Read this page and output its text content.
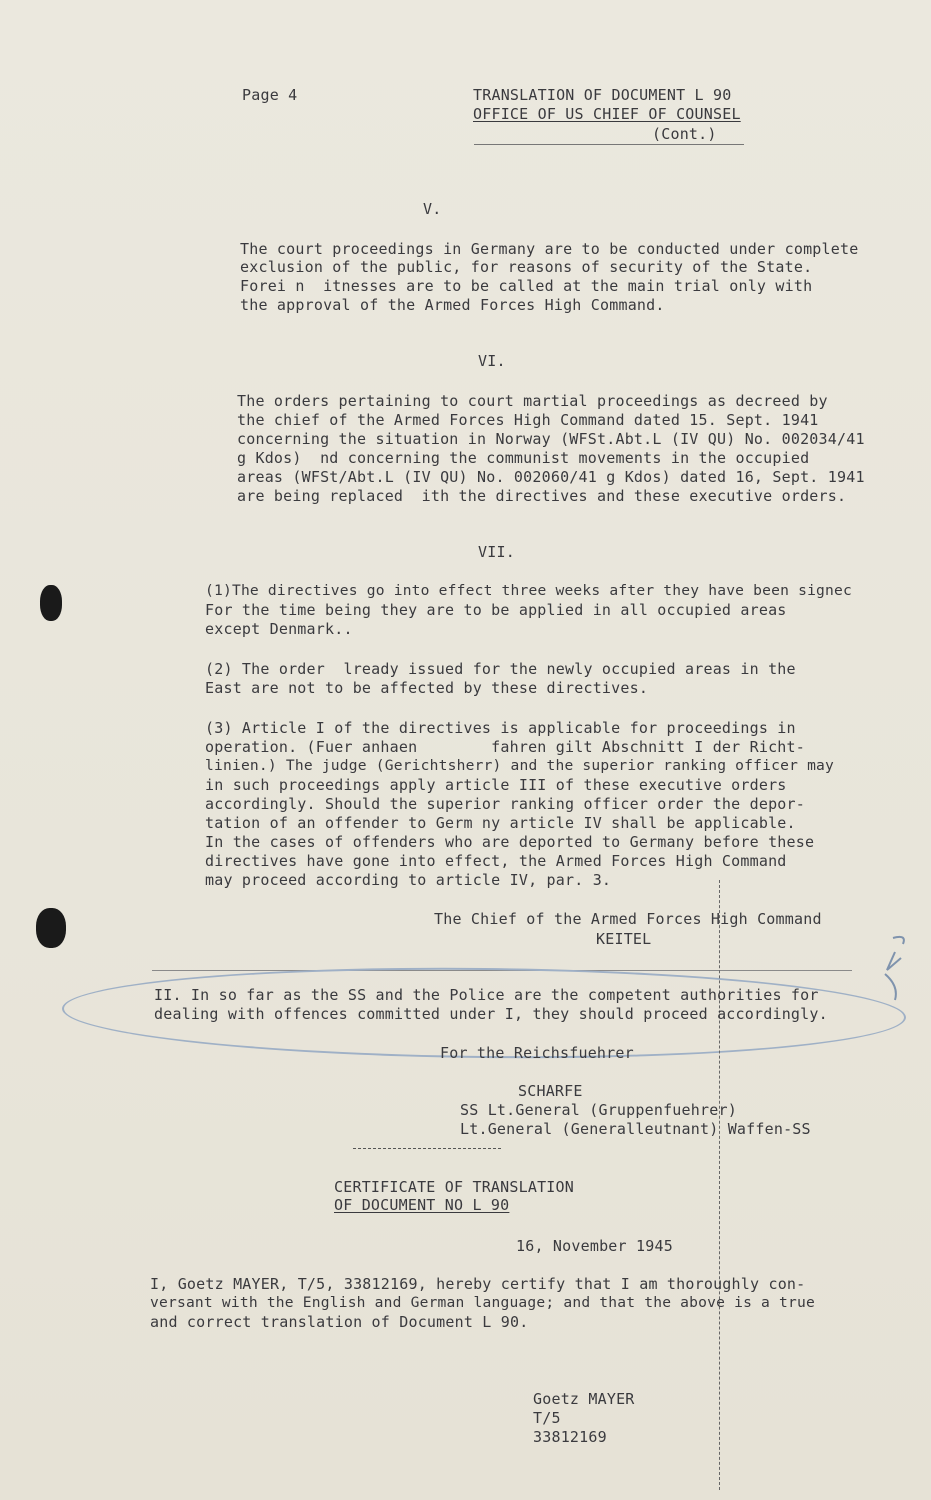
Page 4	TRANSLATION OF DOCUMENT L 90
OFFICE OF US CHIEF OF COUNSEL
(Cont.)
V.
The court proceedings in Germany are to be conducted under complete
exclusion of the public, for reasons of security of the State.
Forei n  itnesses are to be called at the main trial only with
the approval of the Armed Forces High Command.
VI.
The orders pertaining to court martial proceedings as decreed by
the chief of the Armed Forces High Command dated 15. Sept. 1941
concerning the situation in Norway (WFSt.Abt.L (IV QU) No. 002034/41
g Kdos)  nd concerning the communist movements in the occupied
areas (WFSt/Abt.L (IV QU) No. 002060/41 g Kdos) dated 16, Sept. 1941
are being replaced  ith the directives and these executive orders.
VII.
(1)The directives go into effect three weeks after they have been signec
For the time being they are to be applied in all occupied areas
except Denmark..
(2) The order  lready issued for the newly occupied areas in the
East are not to be affected by these directives.
(3) Article I of the directives is applicable for proceedings in
operation. (Fuer anhaen        fahren gilt Abschnitt I der Richt-
linien.) The judge (Gerichtsherr) and the superior ranking officer may
in such proceedings apply article III of these executive orders
accordingly. Should the superior ranking officer order the depor-
tation of an offender to Germ ny article IV shall be applicable.
In the cases of offenders who are deported to Germany before these
directives have gone into effect, the Armed Forces High Command
may proceed according to article IV, par. 3.
The Chief of the Armed Forces High Command
KEITEL
II. In so far as the SS and the Police are the competent authorities for
dealing with offences committed under I, they should proceed accordingly.
For the Reichsfuehrer
SCHARFE
SS Lt.General (Gruppenfuehrer)
Lt.General (Generalleutnant) Waffen-SS
CERTIFICATE OF TRANSLATION
OF DOCUMENT NO L 90
16, November 1945
I, Goetz MAYER, T/5, 33812169, hereby certify that I am thoroughly con-
versant with the English and German language; and that the above is a true
and correct translation of Document L 90.
Goetz MAYER
T/5
33812169
